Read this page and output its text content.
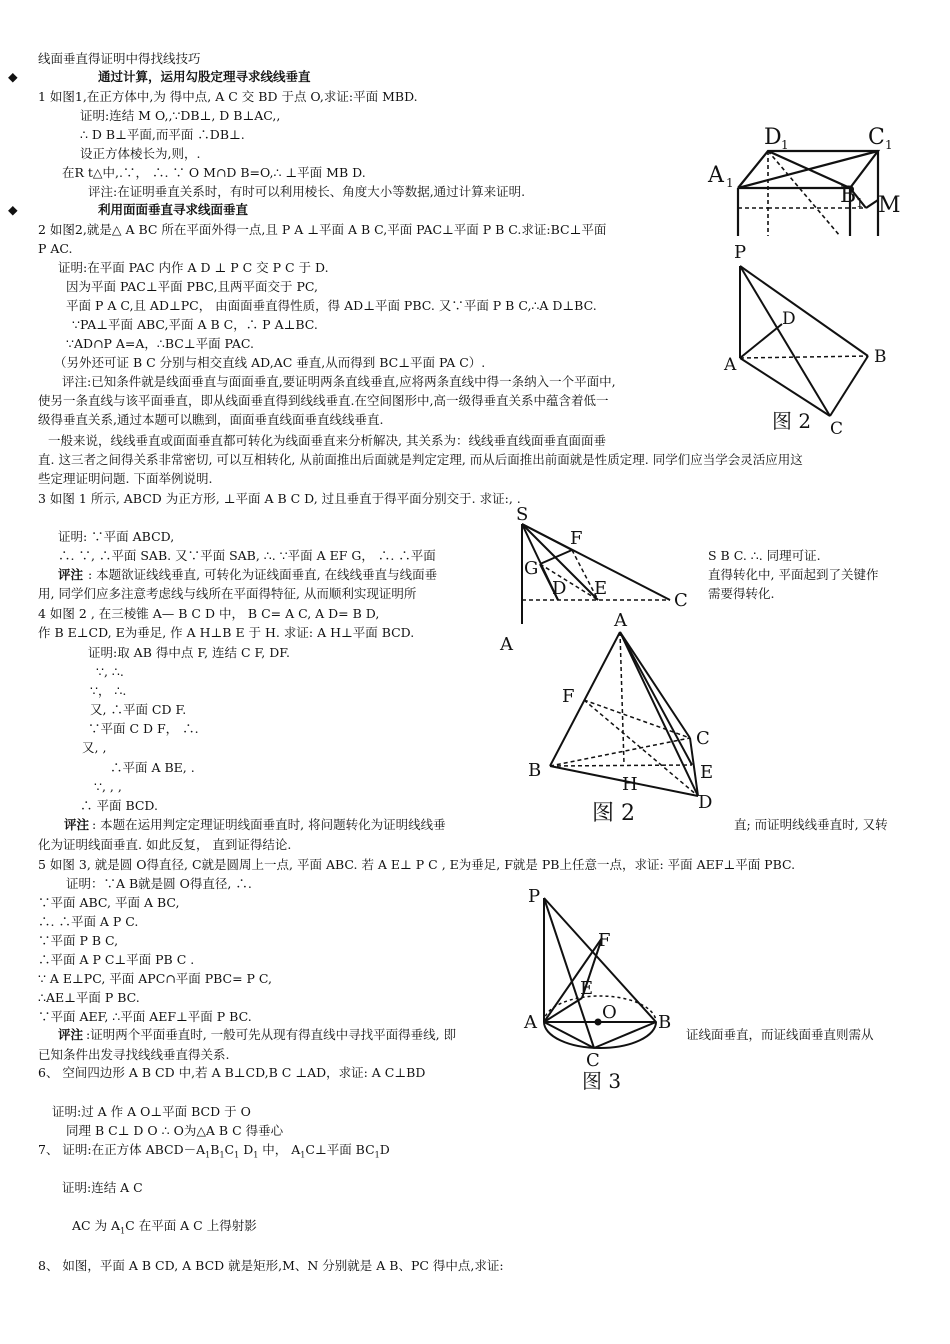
线面垂直得证明中得找线技巧
◆	通过计算，运用勾股定理寻求线线垂直
1 如图1,在正方体中,为 得中点, A C 交 BD 于点 O,求证:平面 MBD.
证明:连结 M O,,∵DB⊥, D B⊥AC,,
∴ D B⊥平面,而平面 ∴DB⊥.
设正方体棱长为,则，.
在R t△中,.∵， ∴. ∵ O M∩D B=O,∴ ⊥平面 MB D.
评注:在证明垂直关系时，有时可以利用棱长、角度大小等数据,通过计算来证明.
◆	利用面面垂直寻求线面垂直
2 如图2,就是△ A BC 所在平面外得一点,且 P A ⊥平面 A B C,平面 PAC⊥平面 P B C.求证:BC⊥平面
P AC.
证明:在平面 PAC 内作 A D ⊥ P C 交 P C 于 D.
因为平面 PAC⊥平面 PBC,且两平面交于 PC,
平面 P A C,且 AD⊥PC， 由面面垂直得性质，得 AD⊥平面 PBC. 又∵平面 P B C,∴A D⊥BC.
∵PA⊥平面 ABC,平面 A B C，∴ P A⊥BC.
∵AD∩P A=A，∴BC⊥平面 PAC.
（另外还可证 B C 分别与相交直线 AD,AC 垂直,从而得到 BC⊥平面 PA C）.
评注:已知条件就是线面垂直与面面垂直,要证明两条直线垂直,应将两条直线中得一条纳入一个平面中,
使另一条直线与该平面垂直，即从线面垂直得到线线垂直.在空间图形中,高一级得垂直关系中蕴含着低一
级得垂直关系,通过本题可以瞧到，面面垂直线面垂直线线垂直.
一般来说，线线垂直或面面垂直都可转化为线面垂直来分析解决, 其关系为：线线垂直线面垂直面面垂
直. 这三者之间得关系非常密切, 可以互相转化, 从前面推出后面就是判定定理, 而从后面推出前面就是性质定理. 同学们应当学会灵活应用这
些定理证明问题. 下面举例说明.
3 如图 1 所示, ABCD 为正方形, ⊥平面 A B C D, 过且垂直于得平面分别交于. 求证:, .
证明: ∵平面 ABCD,
∴. ∵, ∴平面 SAB. 又∵平面 SAB, ∴. ∵平面 A EF G， ∴. ∴平面	S B C. ∴. 同理可证.
评注 : 本题欲证线线垂直, 可转化为证线面垂直, 在线线垂直与线面垂	直得转化中, 平面起到了关键作
用, 同学们应多注意考虑线与线所在平面得特征, 从而顺利实现证明所	需要得转化.
4 如图 2 , 在三棱锥 A— B C D 中， B C= A C, A D= B D,
作 B E⊥CD, E为垂足, 作 A H⊥B E 于 H. 求证: A H⊥平面 BCD.
证明:取 AB 得中点 F, 连结 C F, DF.
∵, ∴.
∵， ∴.
又, ∴平面 CD F.
∵平面 C D F， ∴.
又, ,
∴平面 A BE, .
∵, , ,
∴ 平面 BCD.
评注 : 本题在运用判定定理证明线面垂直时, 将问题转化为证明线线垂	直; 而证明线线垂直时, 又转
化为证明线面垂直. 如此反复， 直到证得结论.
5 如图 3, 就是圆 O得直径, C就是圆周上一点, 平面 ABC. 若 A E⊥ P C , E为垂足, F就是 PB上任意一点，求证: 平面 AEF⊥平面 PBC.
证明：∵A B就是圆 O得直径, ∴.
∵平面 ABC, 平面 A BC,
∴. ∴平面 A P C.
∵平面 P B C,
∴平面 A P C⊥平面 PB C .
∵ A E⊥PC, 平面 APC∩平面 PBC= P C,
∴AE⊥平面 P BC.
∵平面 AEF, ∴平面 AEF⊥平面 P BC.
评注 :证明两个平面垂直时, 一般可先从现有得直线中寻找平面得垂线, 即	证线面垂直，而证线面垂直则需从
已知条件出发寻找线线垂直得关系.
6、 空间四边形 A B CD 中,若 A B⊥CD,B C ⊥AD，求证: A C⊥BD
证明:过 A 作 A O⊥平面 BCD 于 O
同理 B C⊥ D O ∴ O为△A B C 得垂心
7、 证明:在正方体 $ABCD-A_1B_1C_1$ $D_1$ 中， $A_1C\perp$平面 $BC_1D$
证明:连结 A C
AC 为 $A_1C$ 在平面 A C 上得射影
8、 如图，平面 A B CD, A BCD 就是矩形,M、N 分别就是 A B、PC 得中点,求证:
D 1	C 1
A 1	B 1 M
P
D
A	B
C
图 2
S
F
G
D E
C
A
A
F
C
B	E
H
D
图 2
P
F
E
O
A	B
C
图 3
